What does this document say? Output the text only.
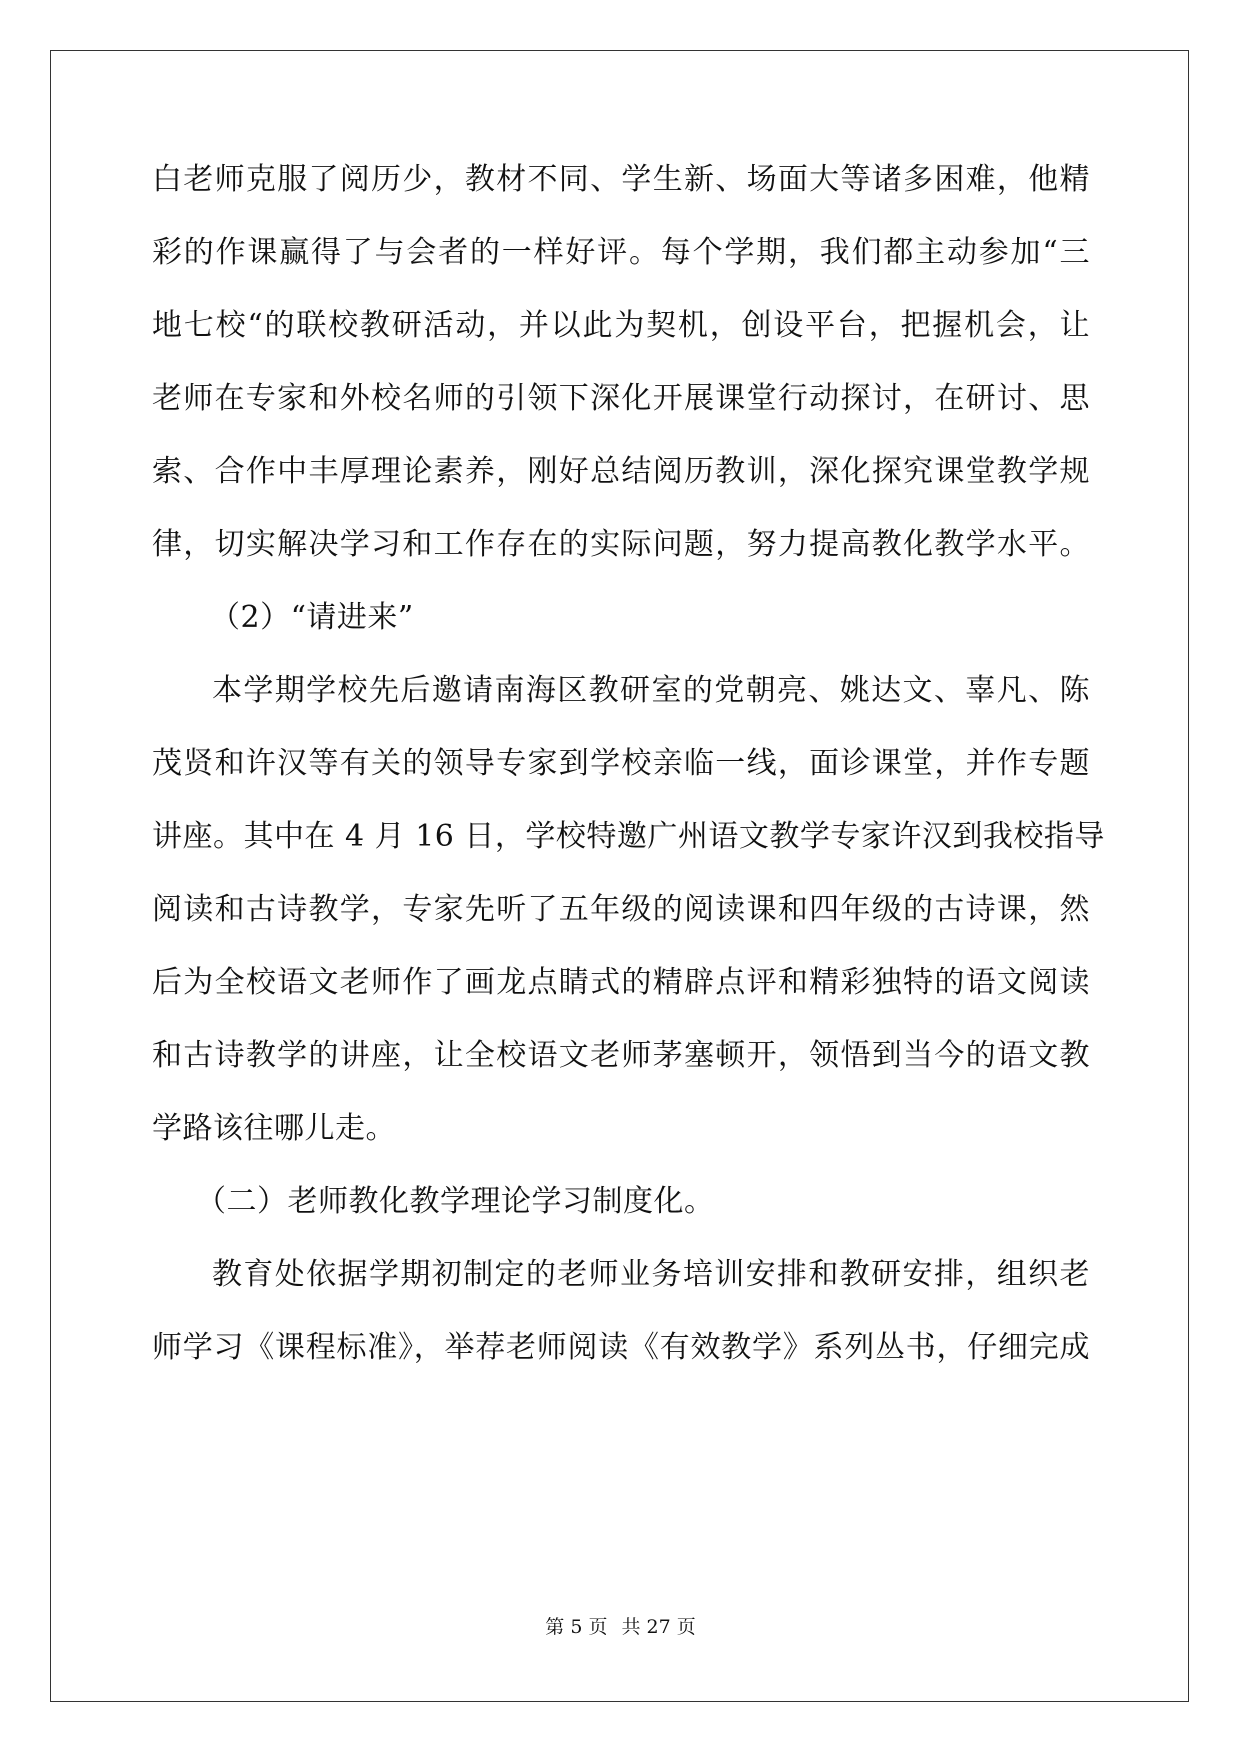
白老师克服了阅历少，教材不同、学生新、场面大等诸多困难，他精
彩的作课赢得了与会者的一样好评。每个学期，我们都主动参加“三
地七校“的联校教研活动，并以此为契机，创设平台，把握机会，让
老师在专家和外校名师的引领下深化开展课堂行动探讨，在研讨、思
索、合作中丰厚理论素养，刚好总结阅历教训，深化探究课堂教学规
律，切实解决学习和工作存在的实际问题，努力提高教化教学水平。
（2）“请进来”
本学期学校先后邀请南海区教研室的党朝亮、姚达文、辜凡、陈
茂贤和许汉等有关的领导专家到学校亲临一线，面诊课堂，并作专题
讲座。其中在 4 月 16 日，学校特邀广州语文教学专家许汉到我校指导
阅读和古诗教学，专家先听了五年级的阅读课和四年级的古诗课，然
后为全校语文老师作了画龙点睛式的精辟点评和精彩独特的语文阅读
和古诗教学的讲座，让全校语文老师茅塞顿开，领悟到当今的语文教
学路该往哪儿走。
（二）老师教化教学理论学习制度化。
教育处依据学期初制定的老师业务培训安排和教研安排，组织老
师学习《课程标准》，举荐老师阅读《有效教学》系列丛书，仔细完成
第 5 页 共 27 页
